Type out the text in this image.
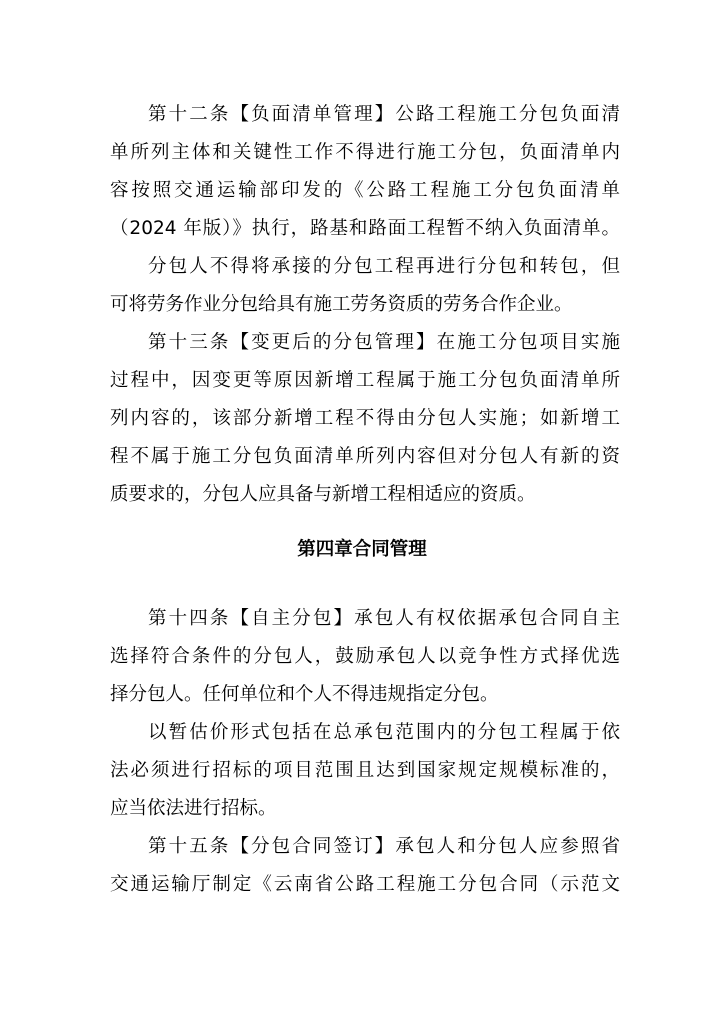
第十二条【负面清单管理】公路工程施工分包负面清
单所列主体和关键性工作不得进行施工分包，负面清单内
容按照交通运输部印发的《公路工程施工分包负面清单
（2024 年版）》执行，路基和路面工程暂不纳入负面清单。
分包人不得将承接的分包工程再进行分包和转包，但
可将劳务作业分包给具有施工劳务资质的劳务合作企业。
第十三条【变更后的分包管理】在施工分包项目实施
过程中，因变更等原因新增工程属于施工分包负面清单所
列内容的，该部分新增工程不得由分包人实施；如新增工
程不属于施工分包负面清单所列内容但对分包人有新的资
质要求的，分包人应具备与新增工程相适应的资质。
第四章合同管理
第十四条【自主分包】承包人有权依据承包合同自主
选择符合条件的分包人，鼓励承包人以竞争性方式择优选
择分包人。任何单位和个人不得违规指定分包。
以暂估价形式包括在总承包范围内的分包工程属于依
法必须进行招标的项目范围且达到国家规定规模标准的，
应当依法进行招标。
第十五条【分包合同签订】承包人和分包人应参照省
交通运输厅制定《云南省公路工程施工分包合同（示范文
